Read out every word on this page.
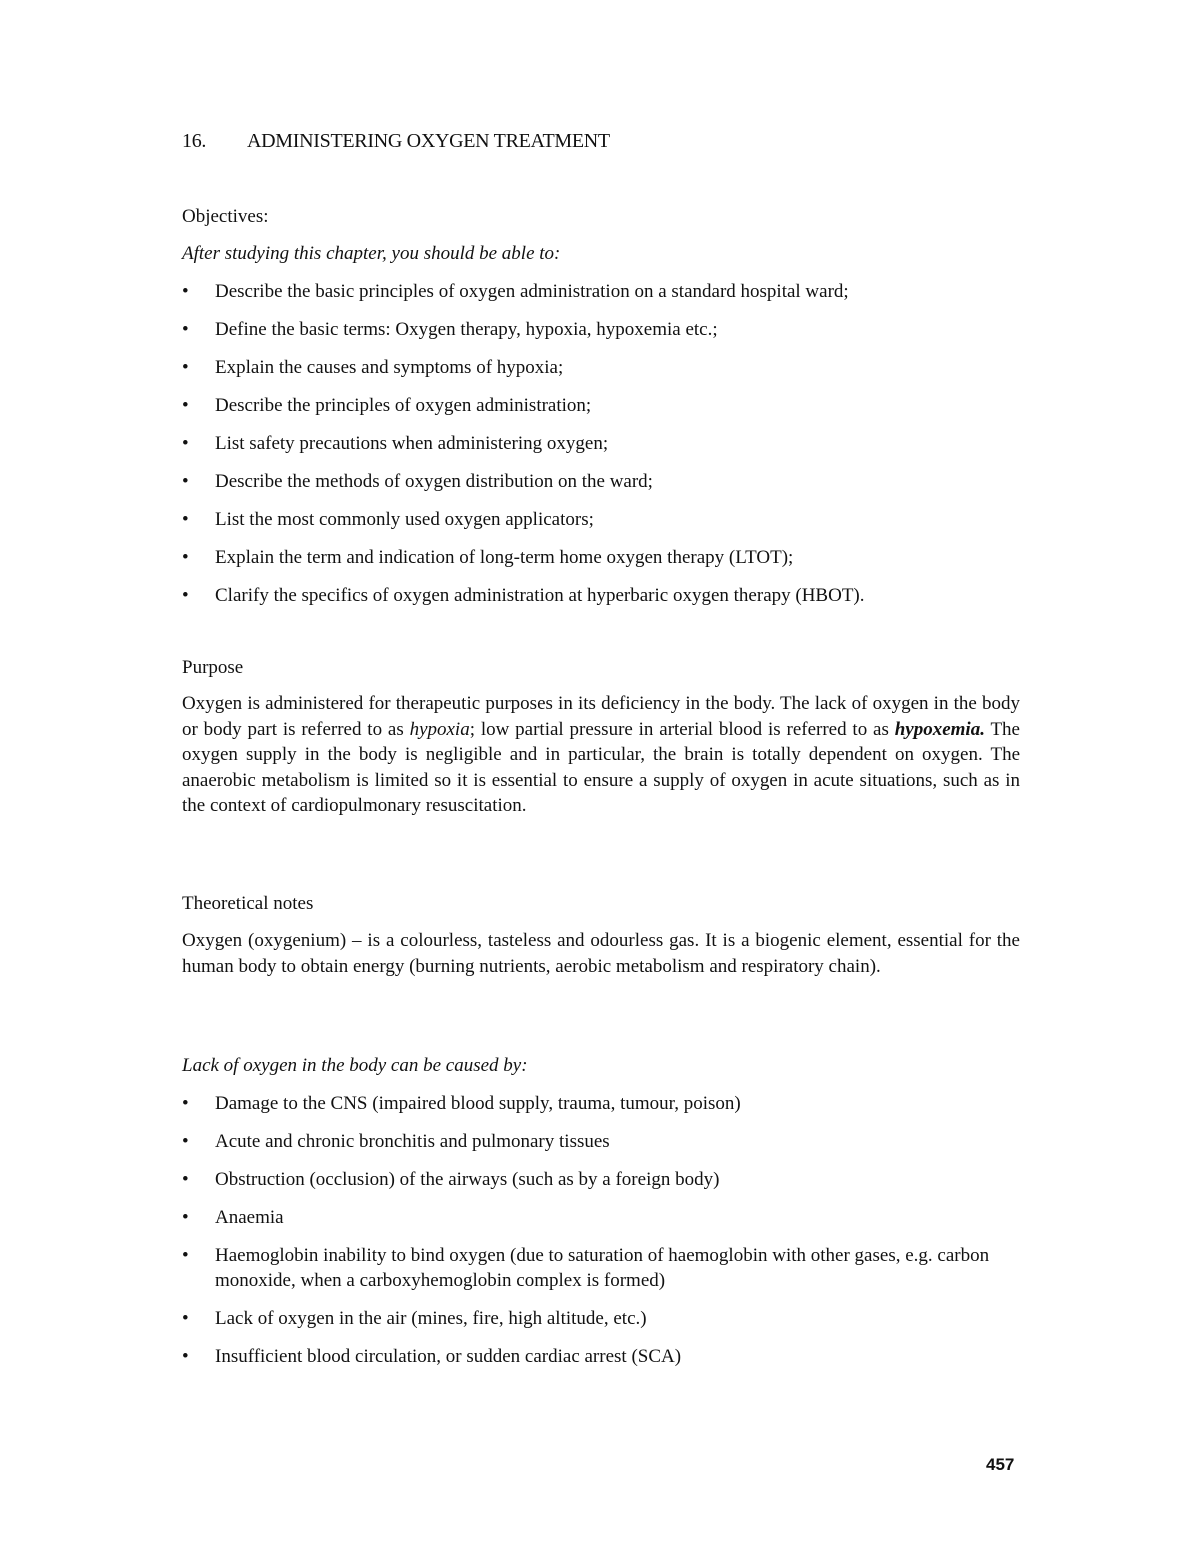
16. ADMINISTERING OXYGEN TREATMENT
Objectives:
After studying this chapter, you should be able to:
• Describe the basic principles of oxygen administration on a standard hospital ward;
• Define the basic terms: Oxygen therapy, hypoxia, hypoxemia etc.;
• Explain the causes and symptoms of hypoxia;
• Describe the principles of oxygen administration;
• List safety precautions when administering oxygen;
• Describe the methods of oxygen distribution on the ward;
• List the most commonly used oxygen applicators;
• Explain the term and indication of long-term home oxygen therapy (LTOT);
• Clarify the specifics of oxygen administration at hyperbaric oxygen therapy (HBOT).
Purpose
Oxygen is administered for therapeutic purposes in its deficiency in the body. The lack of oxygen in the body or body part is referred to as hypoxia; low partial pressure in arterial blood is referred to as hypoxemia. The oxygen supply in the body is negligible and in particular, the brain is totally dependent on oxygen. The anaerobic metabolism is limited so it is essential to ensure a supply of oxygen in acute situations, such as in the context of cardiopulmonary resuscitation.
Theoretical notes
Oxygen (oxygenium) – is a colourless, tasteless and odourless gas. It is a biogenic element, essential for the human body to obtain energy (burning nutrients, aerobic metabolism and respiratory chain).
Lack of oxygen in the body can be caused by:
• Damage to the CNS (impaired blood supply, trauma, tumour, poison)
• Acute and chronic bronchitis and pulmonary tissues
• Obstruction (occlusion) of the airways (such as by a foreign body)
• Anaemia
• Haemoglobin inability to bind oxygen (due to saturation of haemoglobin with other gases, e.g. carbon monoxide, when a carboxyhemoglobin complex is formed)
• Lack of oxygen in the air (mines, fire, high altitude, etc.)
• Insufficient blood circulation, or sudden cardiac arrest (SCA)
457
